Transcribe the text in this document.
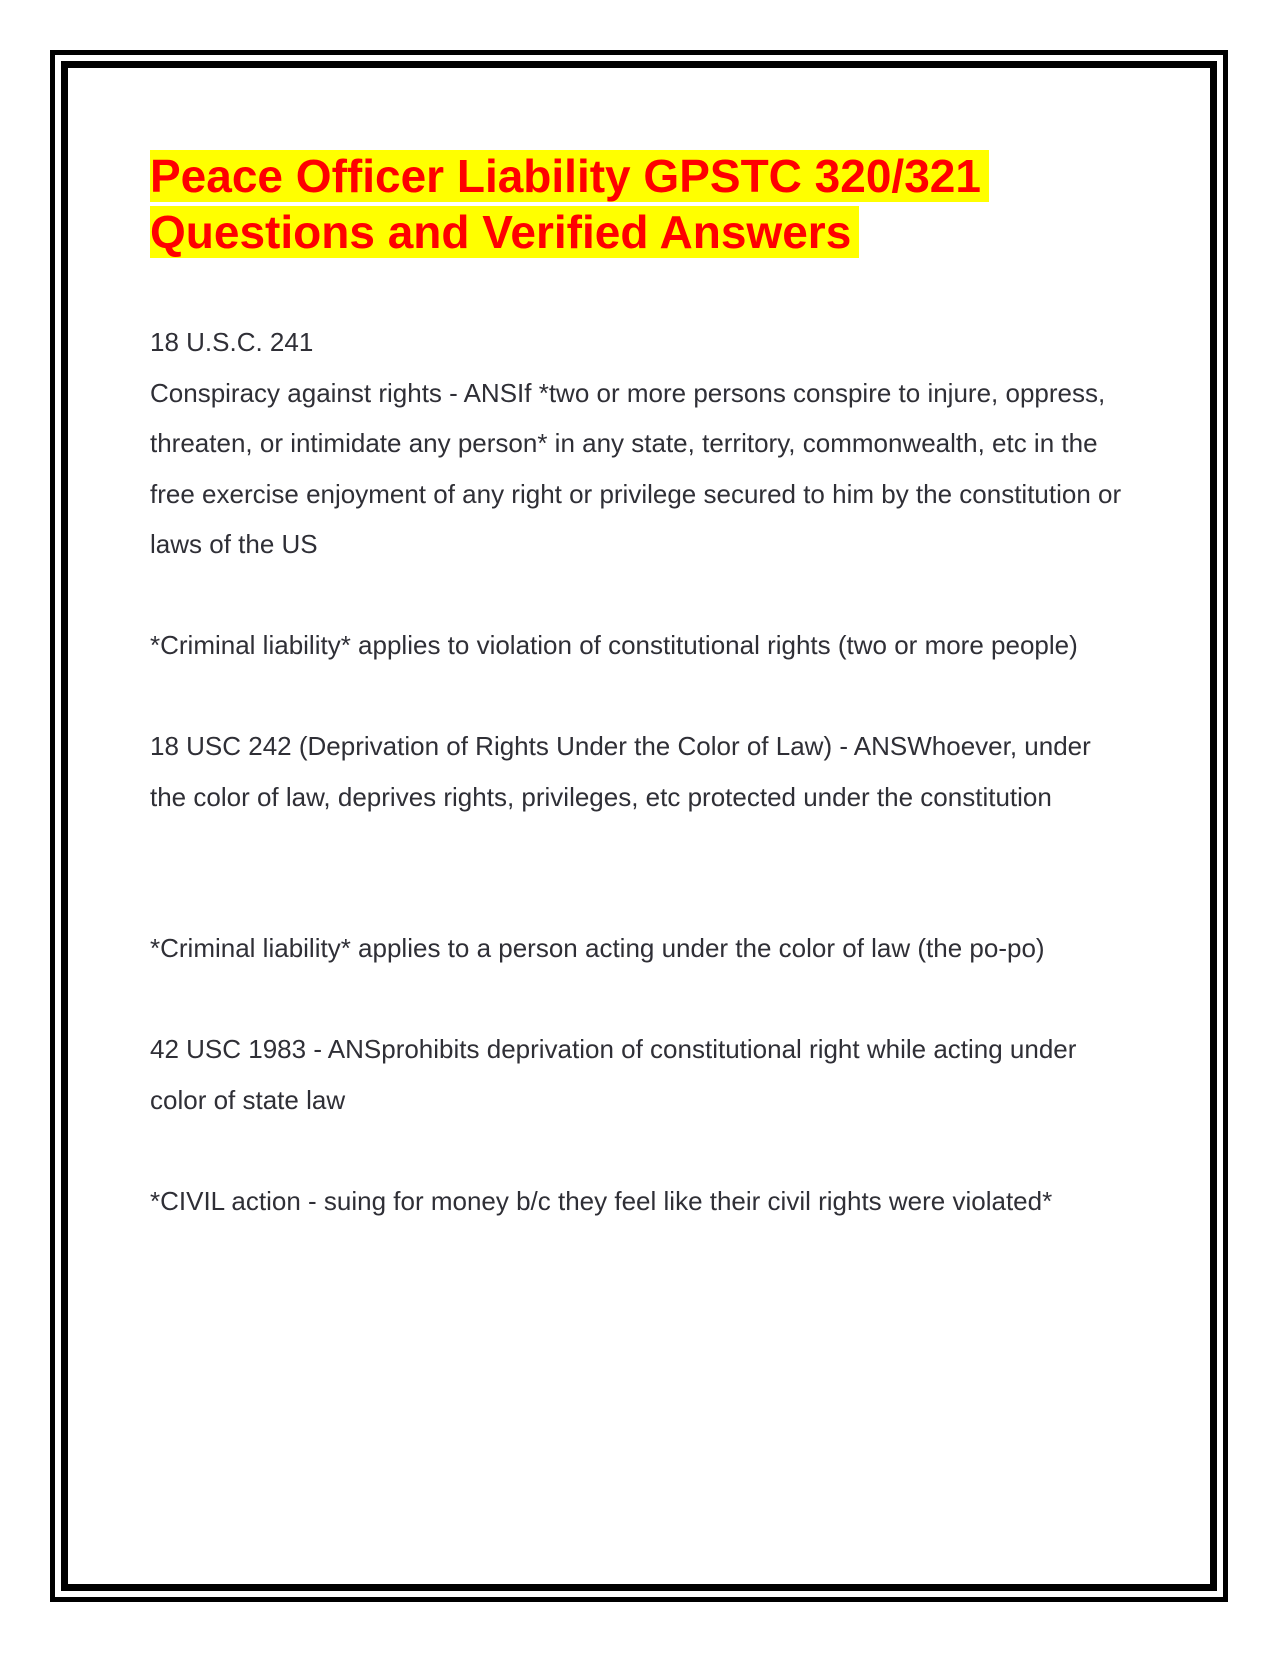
Peace Officer Liability GPSTC 320/321
Questions and Verified Answers

18 U.S.C. 241

Conspiracy against rights - ANSIf *two or more persons conspire to injure, oppress, threaten, or intimidate any person* in any state, territory, commonwealth, etc in the free exercise enjoyment of any right or privilege secured to him by the constitution or laws of the US

*Criminal liability* applies to violation of constitutional rights (two or more people)

18 USC 242 (Deprivation of Rights Under the Color of Law) - ANSWhoever, under the color of law, deprives rights, privileges, etc protected under the constitution

*Criminal liability* applies to a person acting under the color of law (the po-po)

42 USC 1983 - ANSprohibits deprivation of constitutional right while acting under color of state law

*CIVIL action - suing for money b/c they feel like their civil rights were violated*
